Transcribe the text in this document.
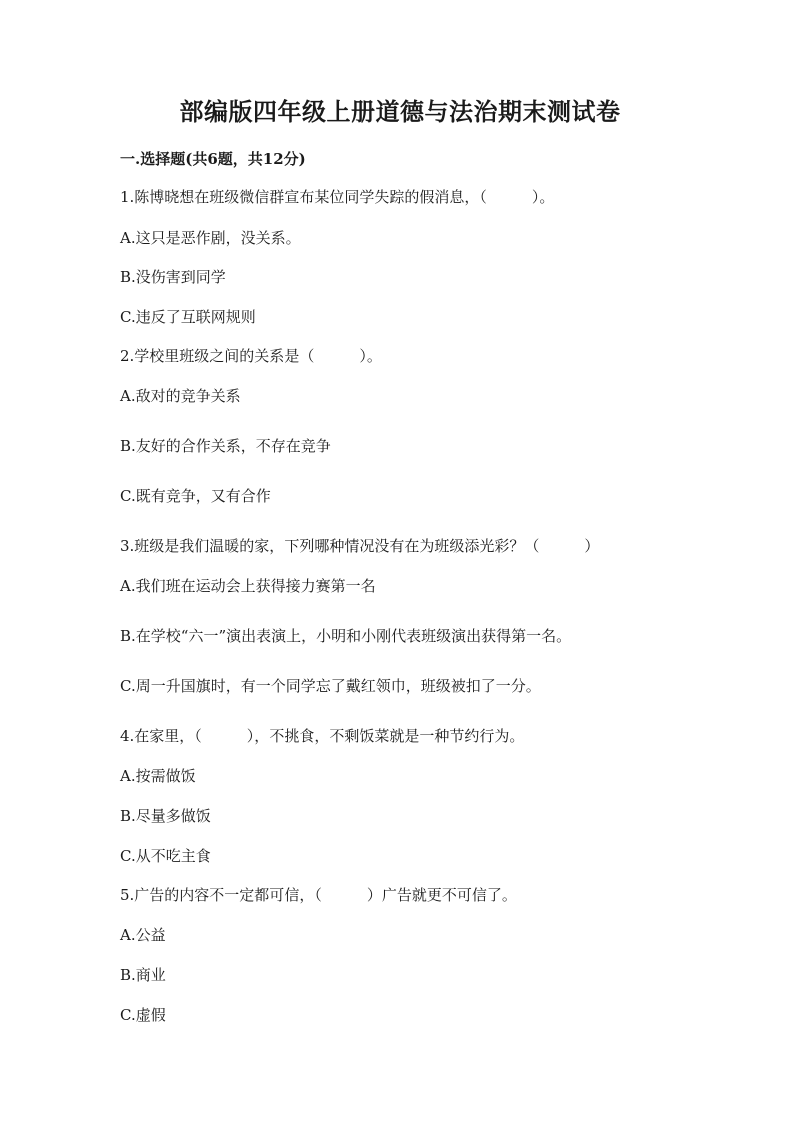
部编版四年级上册道德与法治期末测试卷
一.选择题(共6题，共12分)
1.陈博晓想在班级微信群宣布某位同学失踪的假消息，（　　　）。
A.这只是恶作剧，没关系。
B.没伤害到同学
C.违反了互联网规则
2.学校里班级之间的关系是（　　　）。
A.敌对的竞争关系
B.友好的合作关系，不存在竞争
C.既有竞争，又有合作
3.班级是我们温暖的家，下列哪种情况没有在为班级添光彩？（　　　）
A.我们班在运动会上获得接力赛第一名
B.在学校“六一”演出表演上，小明和小刚代表班级演出获得第一名。
C.周一升国旗时，有一个同学忘了戴红领巾，班级被扣了一分。
4.在家里，（　　　），不挑食，不剩饭菜就是一种节约行为。
A.按需做饭
B.尽量多做饭
C.从不吃主食
5.广告的内容不一定都可信，（　　　）广告就更不可信了。
A.公益
B.商业
C.虚假
